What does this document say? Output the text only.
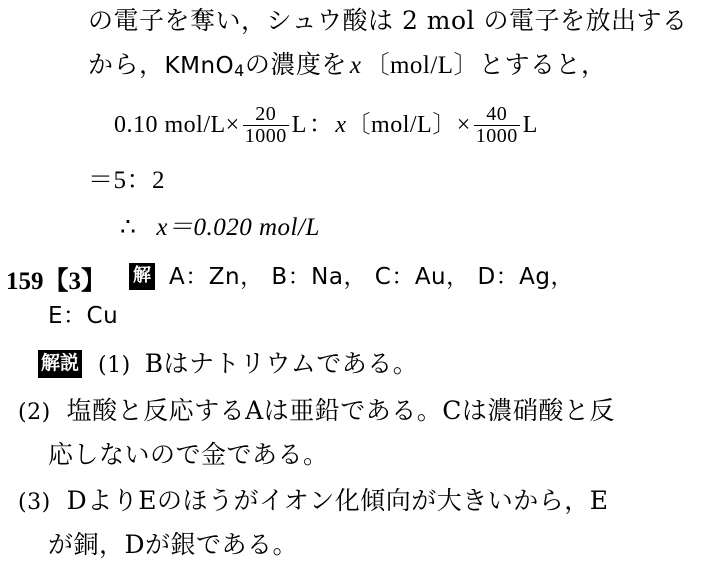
の電子を奪い，シュウ酸は 2 mol の電子を放出する
から，KMnO4の濃度を x 〔mol/L〕とすると，
0.10 $mol/L\times \frac{20}{1000}$ L：x〔mol/L〕× $\frac{40}{1000}$ L
＝5：2
∴ x＝0.020 mol/L
159【3】 解 A：Zn， B：Na， C：Au， D：Ag，
E：Cu
解説 (1) Bはナトリウムである。
(2) 塩酸と反応するAは亜鉛である。Cは濃硝酸と反
応しないので金である。
(3) DよりEのほうがイオン化傾向が大きいから，E
が銅，Dが銀である。
